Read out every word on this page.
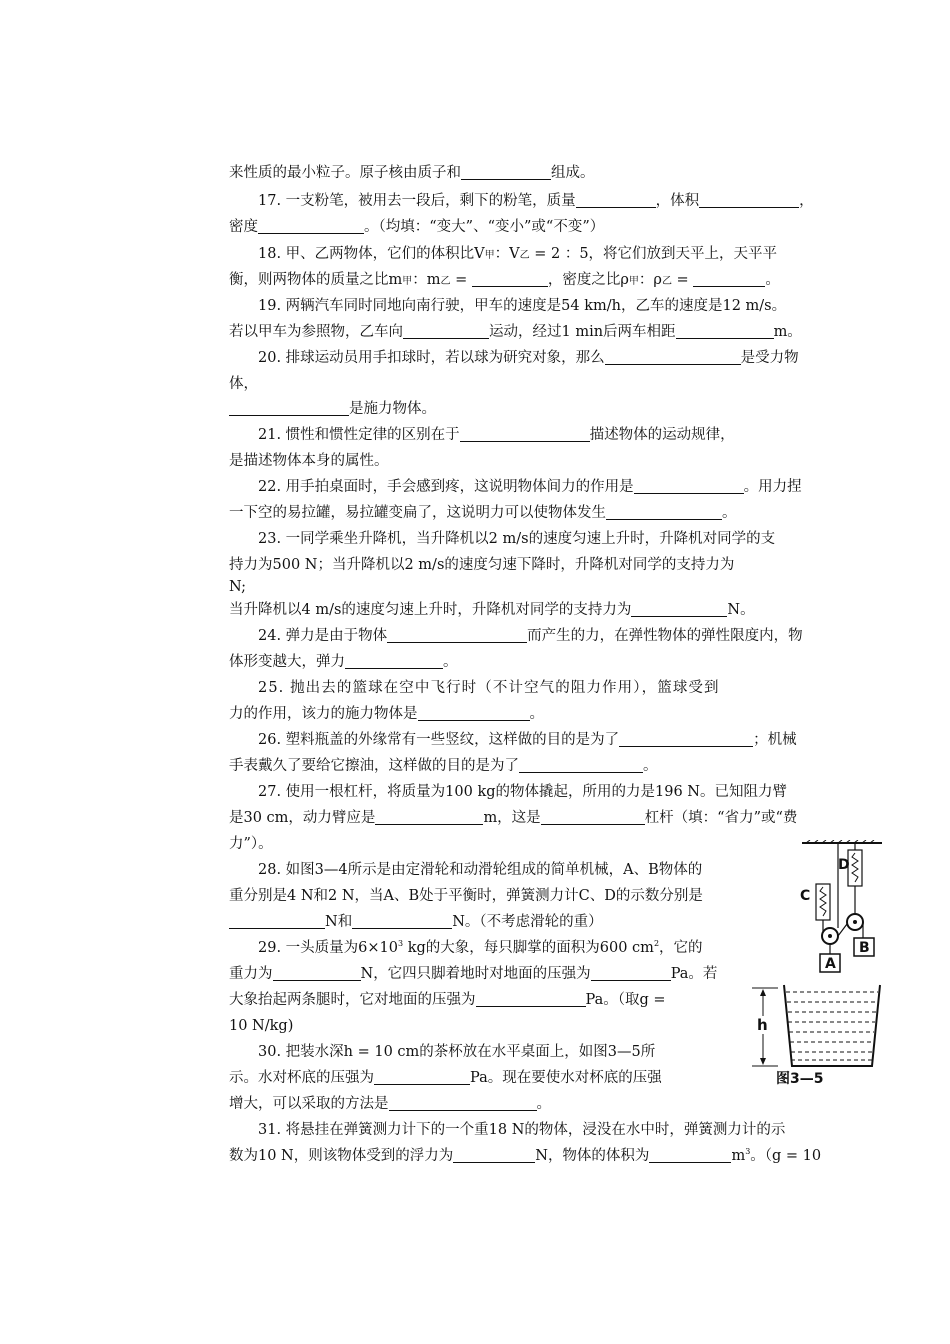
来性质的最小粒子。原子核由质子和	组成。
17. 一支粉笔，被用去一段后，剩下的粉笔，质量	，体积	，
密度	。（均填：“变大”、“变小”或“不变”）
18. 甲、乙两物体，它们的体积比V甲：V乙 = 2 ：5，将它们放到天平上，天平平
衡，则两物体的质量之比m甲：m乙 =	，密度之比ρ甲：ρ乙 =	。
19. 两辆汽车同时同地向南行驶，甲车的速度是54 km/h，乙车的速度是12 m/s。
若以甲车为参照物，乙车向	运动，经过1 min后两车相距	m。
20. 排球运动员用手扣球时，若以球为研究对象，那么	是受力物
体，
是施力物体。
21. 惯性和惯性定律的区别在于	描述物体的运动规律，
是描述物体本身的属性。
22. 用手拍桌面时，手会感到疼，这说明物体间力的作用是	。用力捏
一下空的易拉罐，易拉罐变扁了，这说明力可以使物体发生	。
23. 一同学乘坐升降机，当升降机以2 m/s的速度匀速上升时，升降机对同学的支
持力为500 N；当升降机以2 m/s的速度匀速下降时，升降机对同学的支持力为
N;
当升降机以4 m/s的速度匀速上升时，升降机对同学的支持力为	N。
24. 弹力是由于物体	而产生的力，在弹性物体的弹性限度内，物
体形变越大，弹力	。
25. 抛出去的篮球在空中飞行时（不计空气的阻力作用），篮球受到
力的作用，该力的施力物体是	。
26. 塑料瓶盖的外缘常有一些竖纹，这样做的目的是为了	；机械
手表戴久了要给它擦油，这样做的目的是为了	。
27. 使用一根杠杆，将质量为100 kg的物体撬起，所用的力是196 N。已知阻力臂
是30 cm，动力臂应是	m，这是	杠杆（填：“省力”或“费
力”）。
28. 如图3—4所示是由定滑轮和动滑轮组成的简单机械，A、B物体的
重分别是4 N和2 N，当A、B处于平衡时，弹簧测力计C、D的示数分别是
N和	N。（不考虑滑轮的重）
29. 一头质量为$6\times 10^3$ kg的大象，每只脚掌的面积为600 $cm^2$，它的
重力为	N，它四只脚着地时对地面的压强为	Pa。若
大象抬起两条腿时，它对地面的压强为	Pa。（取g =
10 N/kg)
30. 把装水深h = 10 cm的茶杯放在水平桌面上，如图3—5所
示。水对杯底的压强为	Pa。现在要使水对杯底的压强
增大，可以采取的方法是	。
31. 将悬挂在弹簧测力计下的一个重18 N的物体，浸没在水中时，弹簧测力计的示
数为10 N，则该物体受到的浮力为	N，物体的体积为	$m^3$。（g = 10
D
C
A
B
h
图3—5
